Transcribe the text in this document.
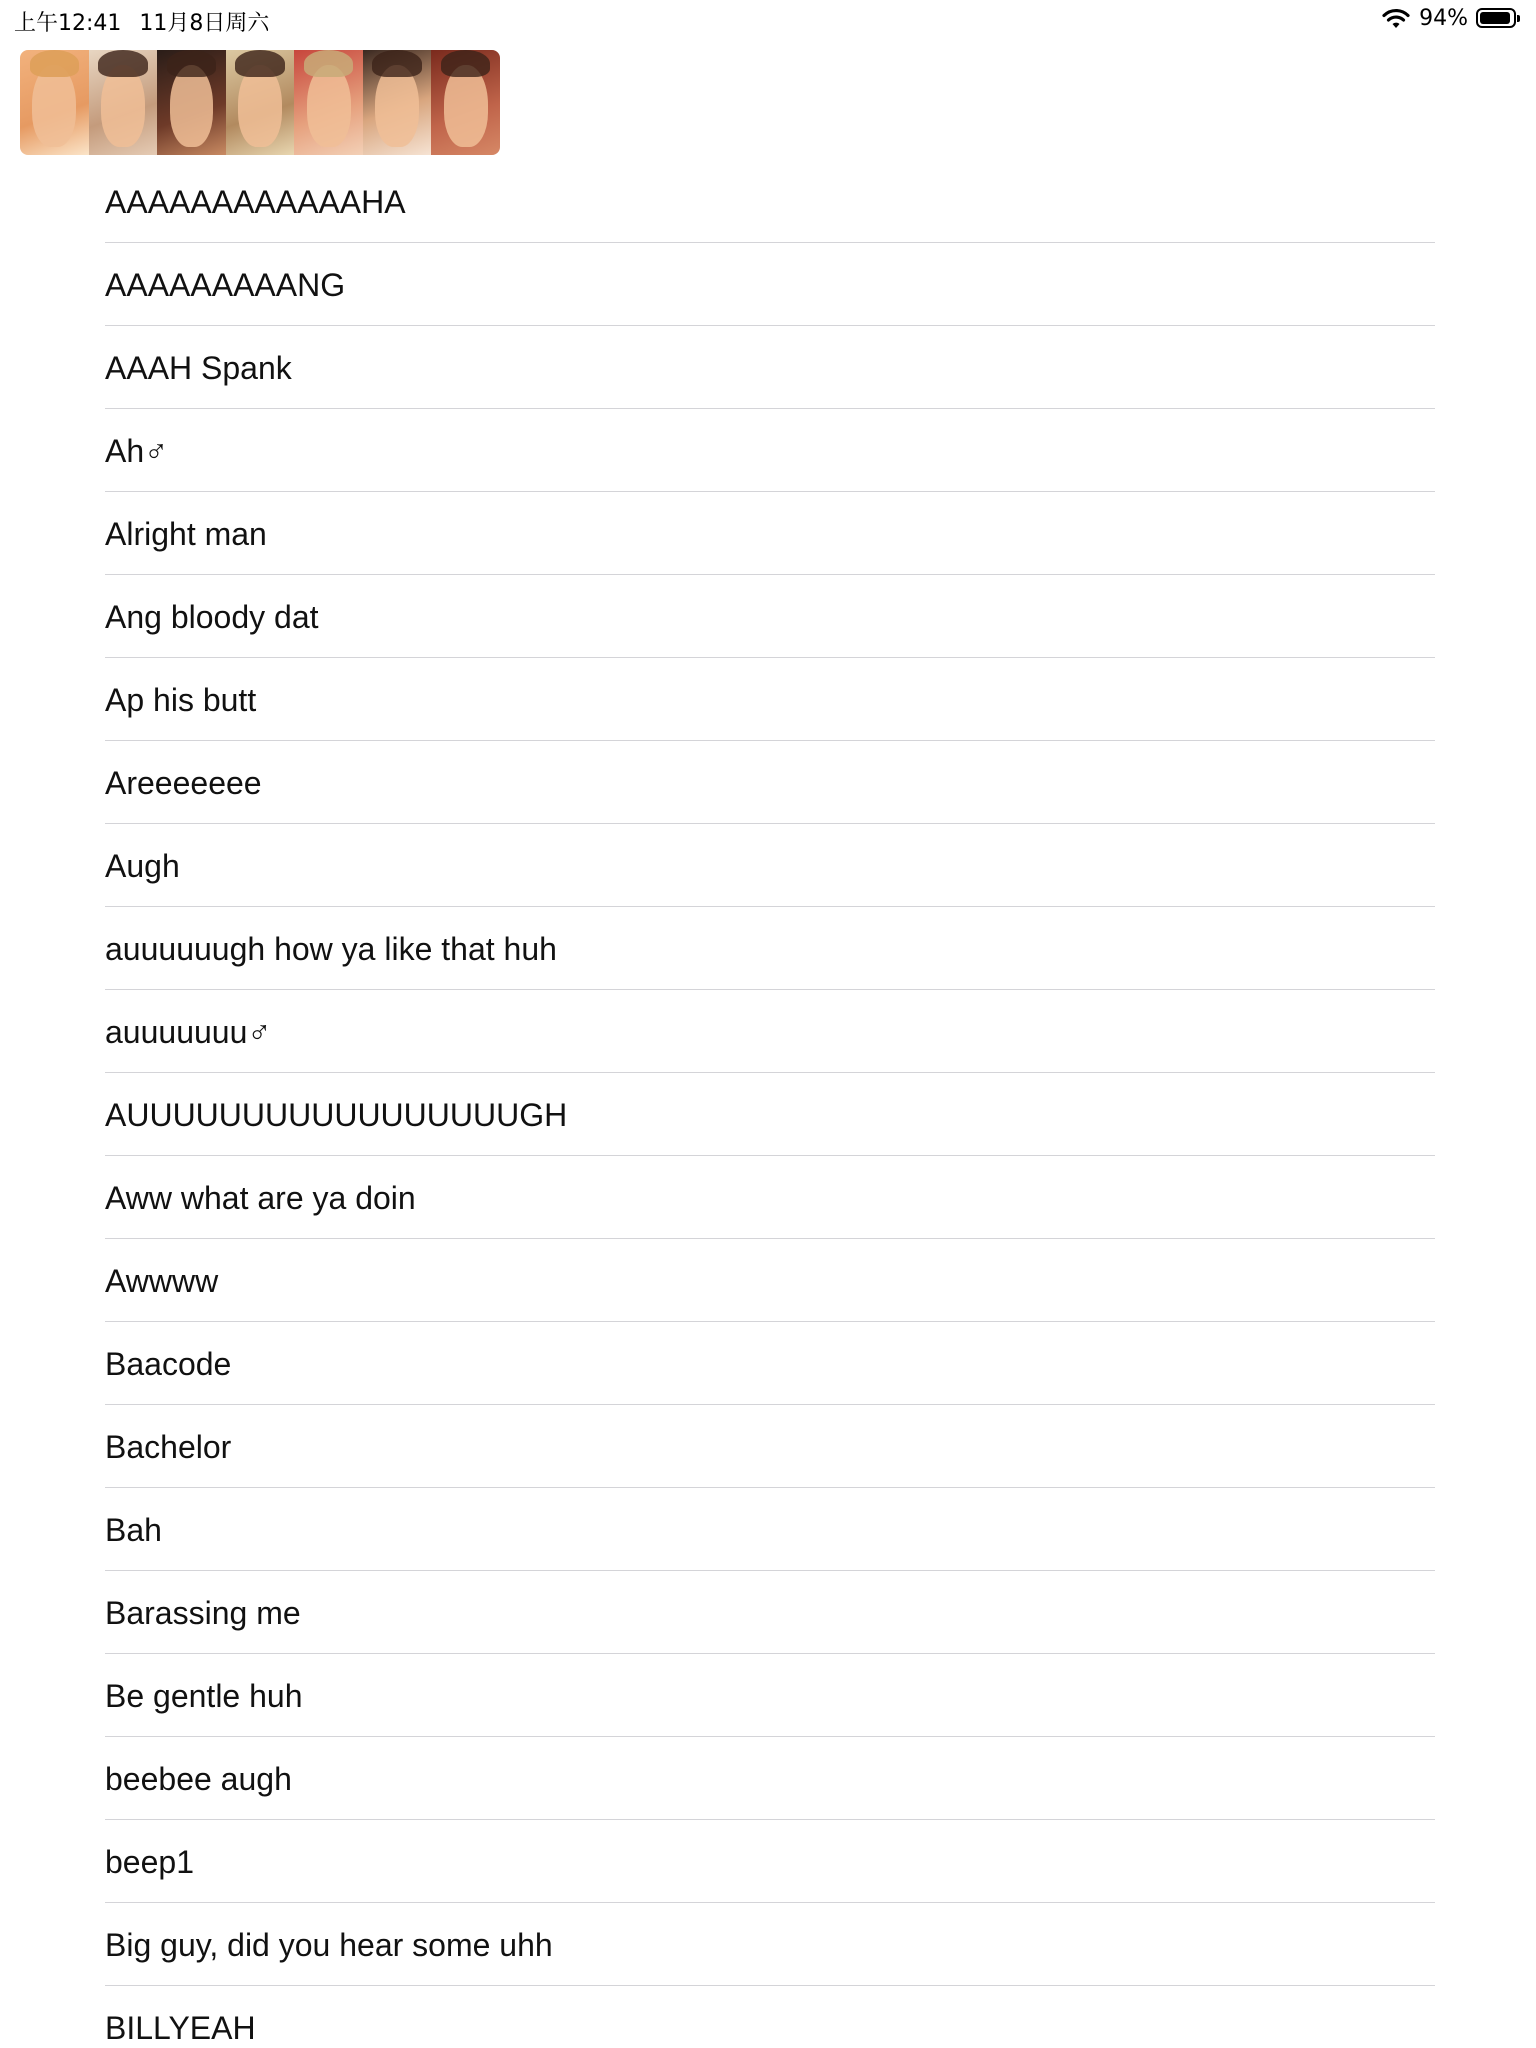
上午12:41 11月8日周六	94%
AAAAAAAAAAAAHA
AAAAAAAAANG
AAAH Spank
Ah♂
Alright man
Ang bloody dat
Ap his butt
Areeeeeee
Augh
auuuuuugh how ya like that huh
auuuuuuu♂
AUUUUUUUUUUUUUUUUUGH
Aww what are ya doin
Awwww
Baacode
Bachelor
Bah
Barassing me
Be gentle huh
beebee augh
beep1
Big guy, did you hear some uhh
BILLYEAH
